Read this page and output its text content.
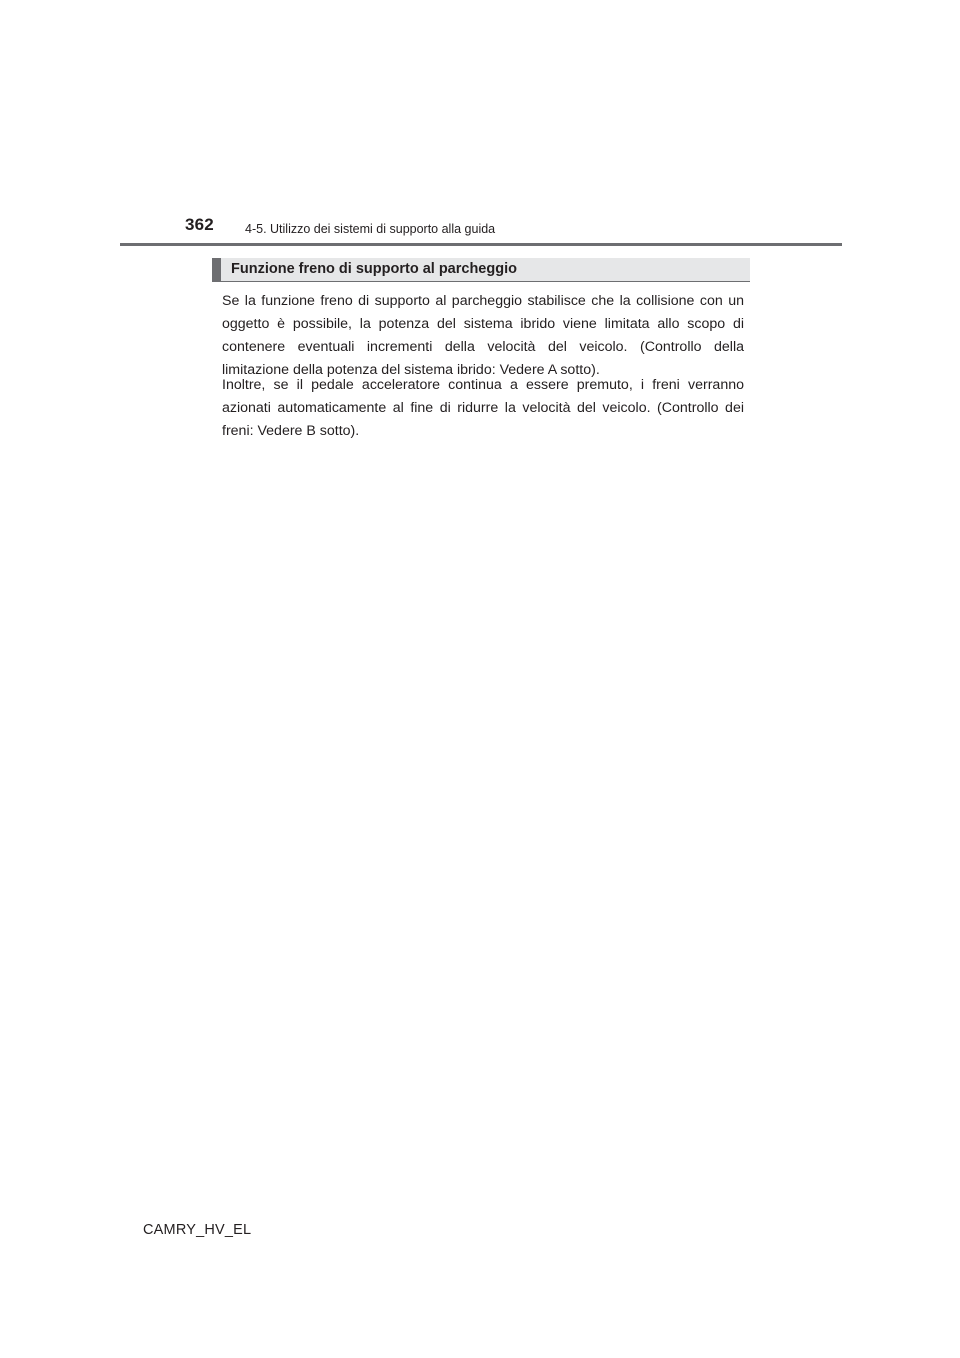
362 4-5. Utilizzo dei sistemi di supporto alla guida
Funzione freno di supporto al parcheggio

Se la funzione freno di supporto al parcheggio stabilisce che la collisione con un oggetto è possibile, la potenza del sistema ibrido viene limitata allo scopo di contenere eventuali incrementi della velocità del veicolo. (Controllo della limitazione della potenza del sistema ibrido: Vedere A sotto).

Inoltre, se il pedale acceleratore continua a essere premuto, i freni verranno azionati automaticamente al fine di ridurre la velocità del veicolo. (Controllo dei freni: Vedere B sotto).

CAMRY_HV_EL
